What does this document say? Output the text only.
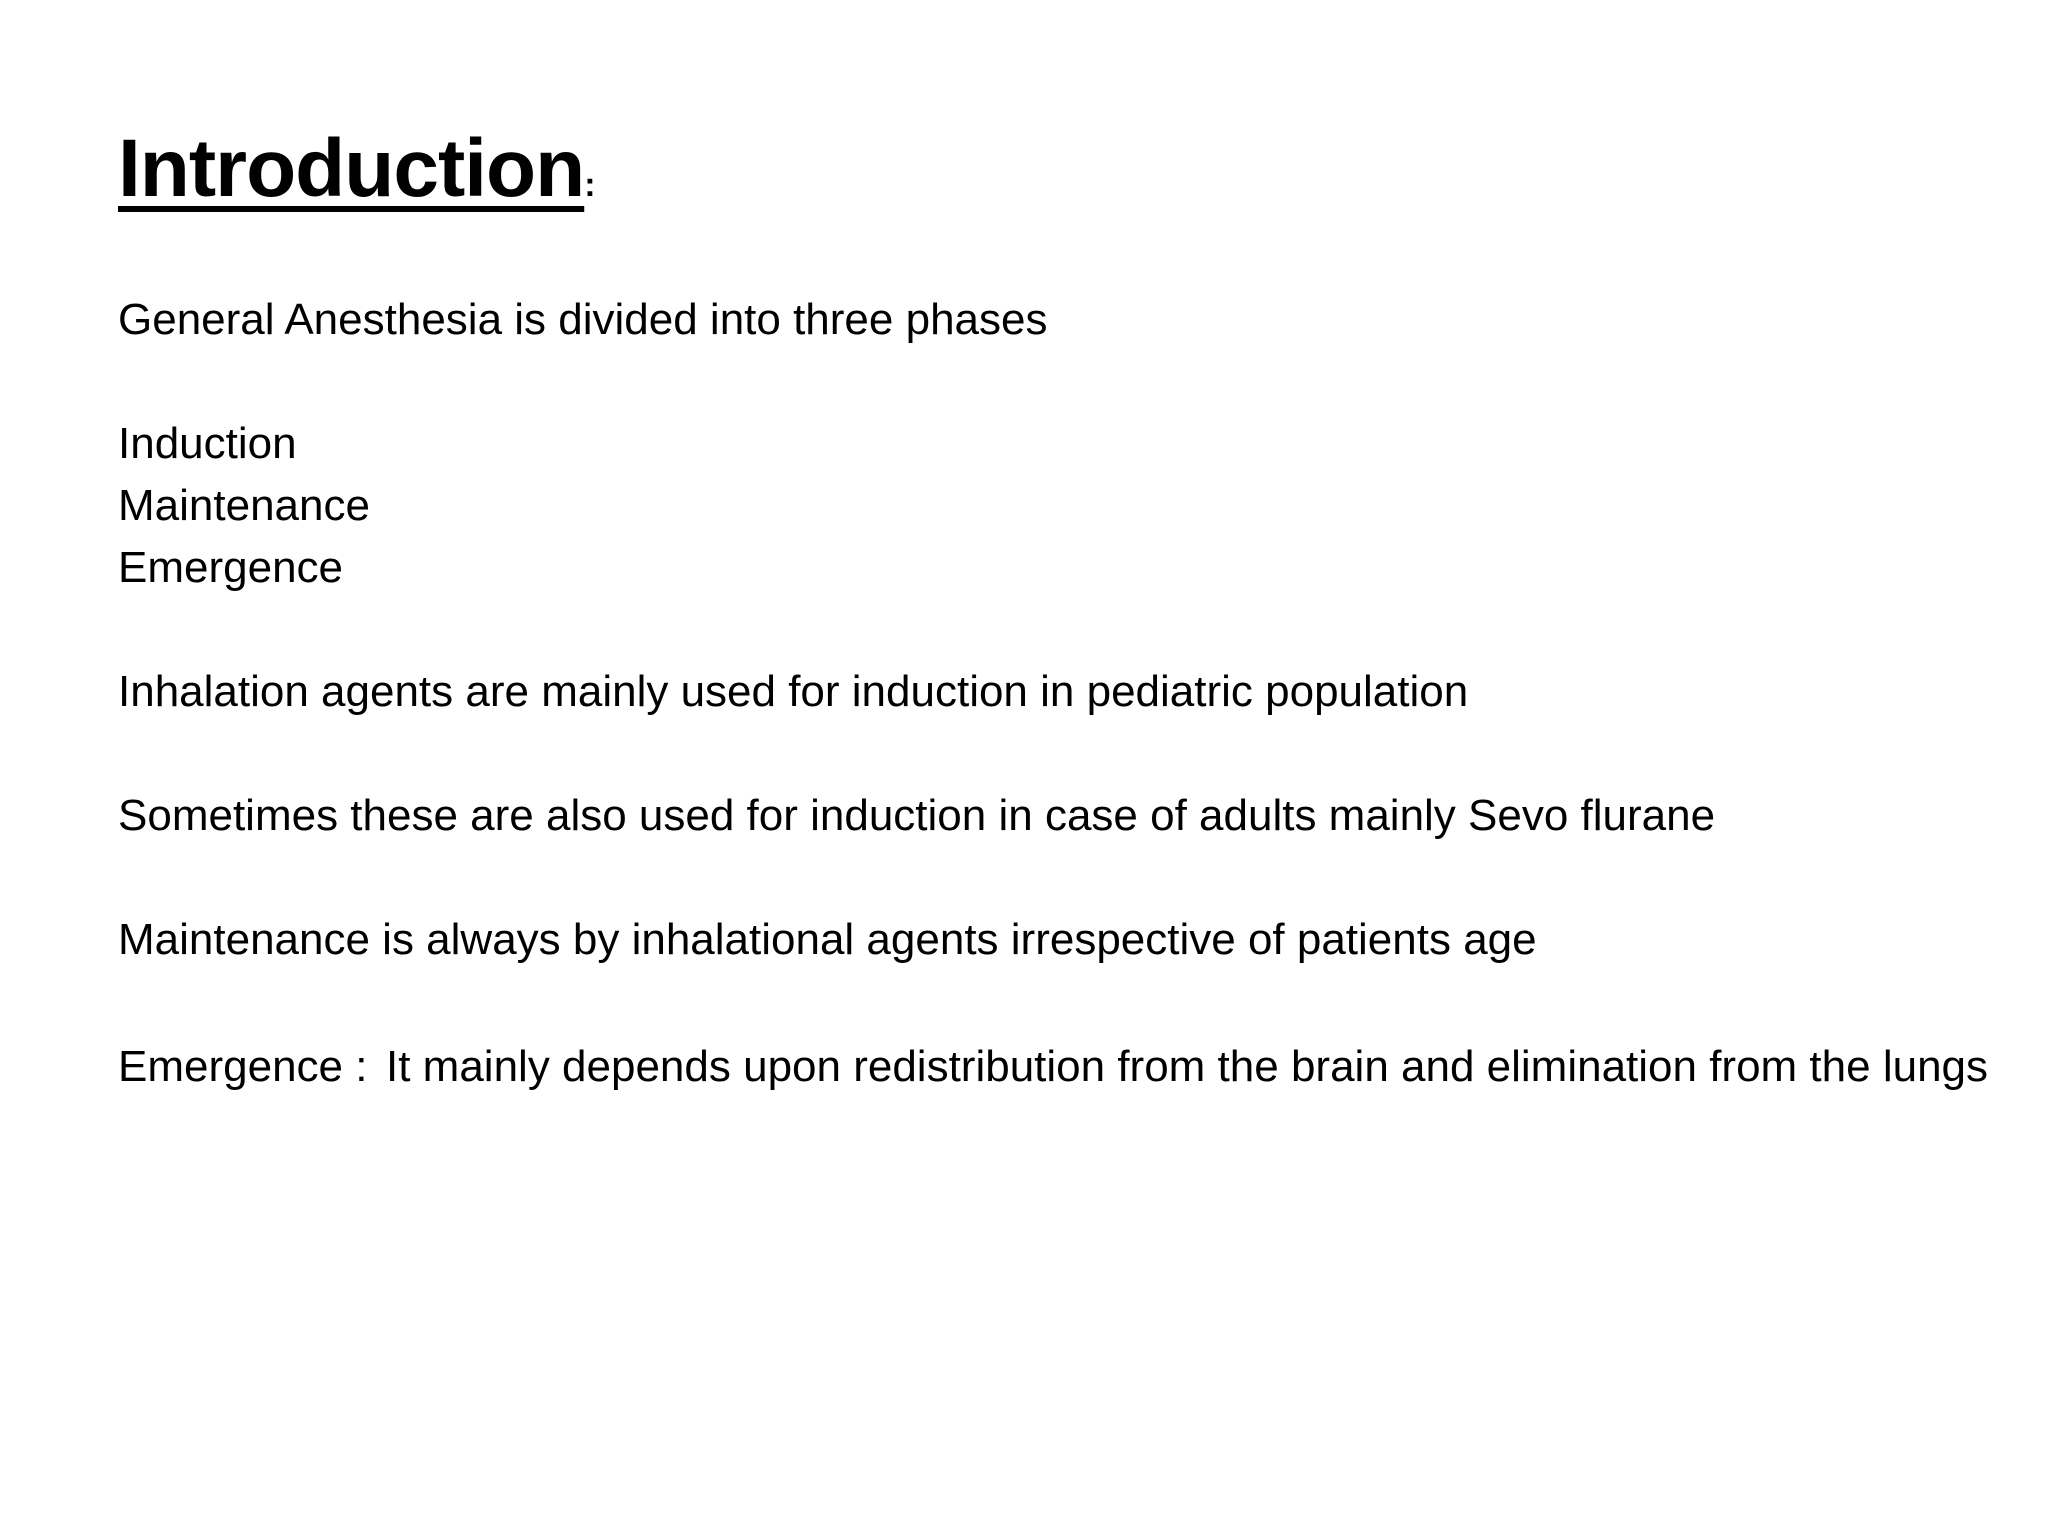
Introduction:
General Anesthesia is divided into three phases
Induction
Maintenance
Emergence
Inhalation agents are mainly used for induction in pediatric population
Sometimes these are also used for induction in case of adults mainly Sevo flurane
Maintenance is always by inhalational agents irrespective of patients age
Emergence : It mainly depends upon redistribution from the brain and elimination from the lungs
